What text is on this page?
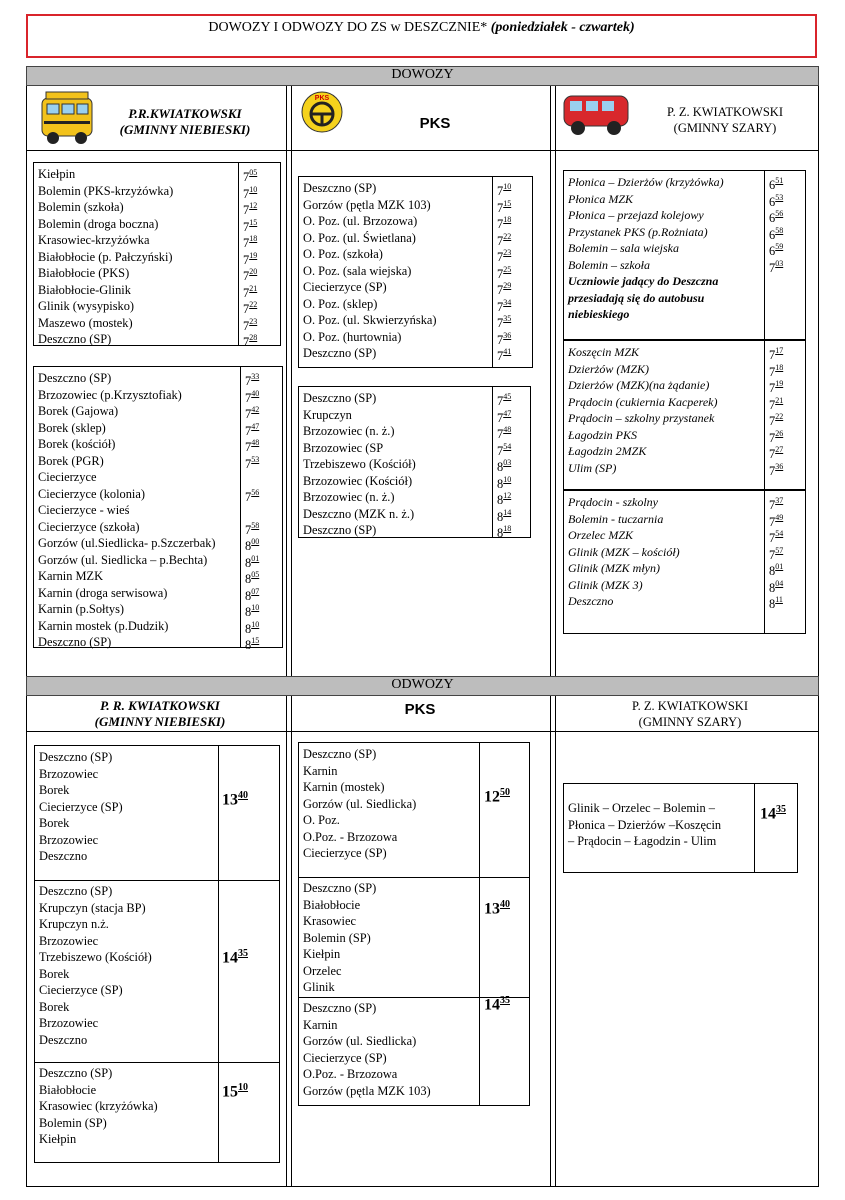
DOWOZY I ODWOZY DO ZS w DESZCZNIE* (poniedziałek - czwartek)
DOWOZY
P.R.KWIATKOWSKI
(GMINNY NIEBIESKI)
PKS
PKS
P. Z. KWIATKOWSKI
(GMINNY SZARY)
Kiełpin
Bolemin (PKS-krzyżówka)
Bolemin (szkoła)
Bolemin (droga boczna)
Krasowiec-krzyżówka
Białobłocie (p. Pałczyński)
Białobłocie (PKS)
Białobłocie-Glinik
Glinik (wysypisko)
Maszewo (mostek)
Deszczno (SP)
$7^{05}$
$7^{10}$
$7^{12}$
$7^{15}$
$7^{18}$
$7^{19}$
$7^{20}$
$7^{21}$
$7^{22}$
$7^{23}$
$7^{28}$
Deszczno (SP)
Brzozowiec (p.Krzysztofiak)
Borek (Gajowa)
Borek (sklep)
Borek (kościół)
Borek (PGR)
Ciecierzyce
Ciecierzyce (kolonia)
Ciecierzyce - wieś
Ciecierzyce (szkoła)
Gorzów (ul.Siedlicka- p.Szczerbak)
Gorzów (ul. Siedlicka – p.Bechta)
Karnin MZK
Karnin (droga serwisowa)
Karnin (p.Sołtys)
Karnin mostek (p.Dudzik)
Deszczno (SP)
$7^{33}$
$7^{40}$
$7^{42}$
$7^{47}$
$7^{48}$
$7^{53}$
$7^{56}$
$7^{58}$
$8^{00}$
$8^{01}$
$8^{05}$
$8^{07}$
$8^{10}$
$8^{10}$
$8^{15}$
Deszczno (SP)
Gorzów (pętla MZK 103)
O. Poz. (ul. Brzozowa)
O. Poz. (ul. Świetlana)
O. Poz. (szkoła)
O. Poz. (sala wiejska)
Ciecierzyce (SP)
O. Poz. (sklep)
O. Poz. (ul. Skwierzyńska)
O. Poz. (hurtownia)
Deszczno (SP)
$7^{10}$
$7^{15}$
$7^{18}$
$7^{22}$
$7^{23}$
$7^{25}$
$7^{29}$
$7^{34}$
$7^{35}$
$7^{36}$
$7^{41}$
Deszczno (SP)
Krupczyn
Brzozowiec (n. ż.)
Brzozowiec (SP
Trzebiszewo (Kościół)
Brzozowiec (Kościół)
Brzozowiec (n. ż.)
Deszczno (MZK n. ż.)
Deszczno (SP)
$7^{45}$
$7^{47}$
$7^{48}$
$7^{54}$
$8^{03}$
$8^{10}$
$8^{12}$
$8^{14}$
$8^{18}$
Płonica – Dzierżów (krzyżówka)
Płonica MZK
Płonica – przejazd kolejowy
Przystanek PKS (p.Rożniata)
Bolemin – sala wiejska
Bolemin – szkoła
Uczniowie jadący do Deszczna
przesiadają się do autobusu
niebieskiego
$6^{51}$
$6^{53}$
$6^{56}$
$6^{58}$
$6^{59}$
$7^{03}$
Koszęcin MZK
Dzierżów (MZK)
Dzierżów (MZK)(na żądanie)
Prądocin (cukiernia Kacperek)
Prądocin – szkolny przystanek
Łagodzin PKS
Łagodzin 2MZK
Ulim (SP)
$7^{17}$
$7^{18}$
$7^{19}$
$7^{21}$
$7^{22}$
$7^{26}$
$7^{27}$
$7^{36}$
Prądocin - szkolny
Bolemin - tuczarnia
Orzelec MZK
Glinik (MZK – kościół)
Glinik (MZK młyn)
Glinik (MZK 3)
Deszczno
$7^{37}$
$7^{49}$
$7^{54}$
$7^{57}$
$8^{01}$
$8^{04}$
$8^{11}$
ODWOZY
P. R. KWIATKOWSKI
(GMINNY NIEBIESKI)
PKS	P. Z. KWIATKOWSKI
(GMINNY SZARY)
Deszczno (SP)
Brzozowiec
Borek
Ciecierzyce (SP)
Borek
Brzozowiec
Deszczno
$13^{40}$
Deszczno (SP)
Krupczyn (stacja BP)
Krupczyn n.ż.
Brzozowiec
Trzebiszewo (Kościół)
Borek
Ciecierzyce (SP)
Borek
Brzozowiec
Deszczno
$14^{35}$
Deszczno (SP)
Białobłocie
Krasowiec (krzyżówka)
Bolemin (SP)
Kiełpin
$15^{10}$
Deszczno (SP)
Karnin
Karnin (mostek)
Gorzów (ul. Siedlicka)
O. Poz.
O.Poz. - Brzozowa
Ciecierzyce (SP)
$12^{50}$
Deszczno (SP)
Białobłocie
Krasowiec
Bolemin (SP)
Kiełpin
Orzelec
Glinik
$13^{40}$
Deszczno (SP)
Karnin
Gorzów (ul. Siedlicka)
Ciecierzyce (SP)
O.Poz. - Brzozowa
Gorzów (pętla MZK 103)
$14^{35}$
Glinik – Orzelec – Bolemin –
Płonica – Dzierżów –Koszęcin
– Prądocin – Łagodzin - Ulim
$14^{35}$
